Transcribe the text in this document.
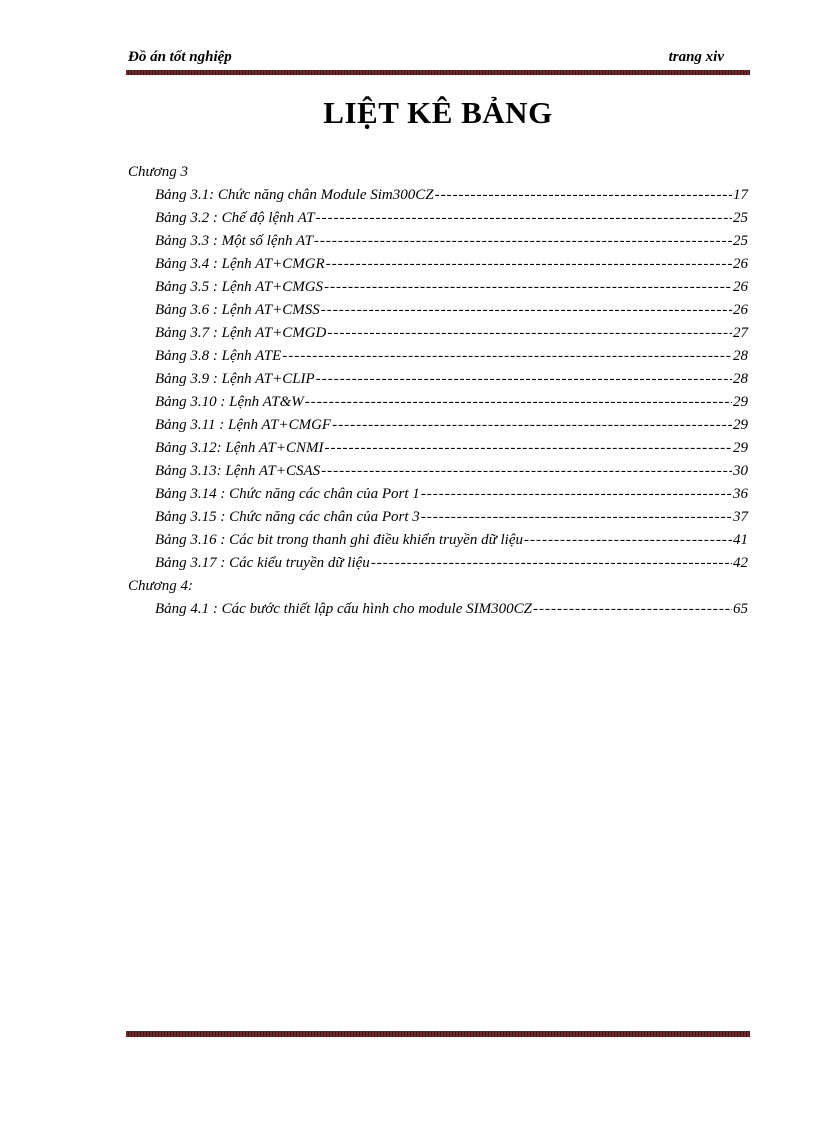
Đồ án tốt nghiệp	trang xiv
LIỆT KÊ BẢNG
Chương 3
Bảng 3.1: Chức năng chân Module Sim300CZ -----	17
Bảng 3.2 : Chế độ lệnh AT -----	25
Bảng 3.3 : Một số lệnh AT -----	25
Bảng 3.4 : Lệnh AT+CMGR -----	26
Bảng 3.5 : Lệnh AT+CMGS -----	26
Bảng 3.6 : Lệnh AT+CMSS -----	26
Bảng 3.7 : Lệnh AT+CMGD -----	27
Bảng 3.8 : Lệnh ATE -----	28
Bảng 3.9 : Lệnh AT+CLIP -----	28
Bảng 3.10 : Lệnh AT&W -----	29
Bảng 3.11 : Lệnh AT+CMGF -----	29
Bảng 3.12: Lệnh AT+CNMI -----	29
Bảng 3.13: Lệnh AT+CSAS -----	30
Bảng 3.14 : Chức năng các chân của Port 1 -----	36
Bảng 3.15 : Chức năng các chân của Port 3 -----	37
Bảng 3.16 : Các bit trong thanh ghi điều khiển truyền dữ liệu -----	41
Bảng 3.17 : Các kiểu truyền dữ liệu -----	42
Chương 4:
Bảng 4.1 : Các bước thiết lập cấu hình cho module SIM300CZ -----	65
